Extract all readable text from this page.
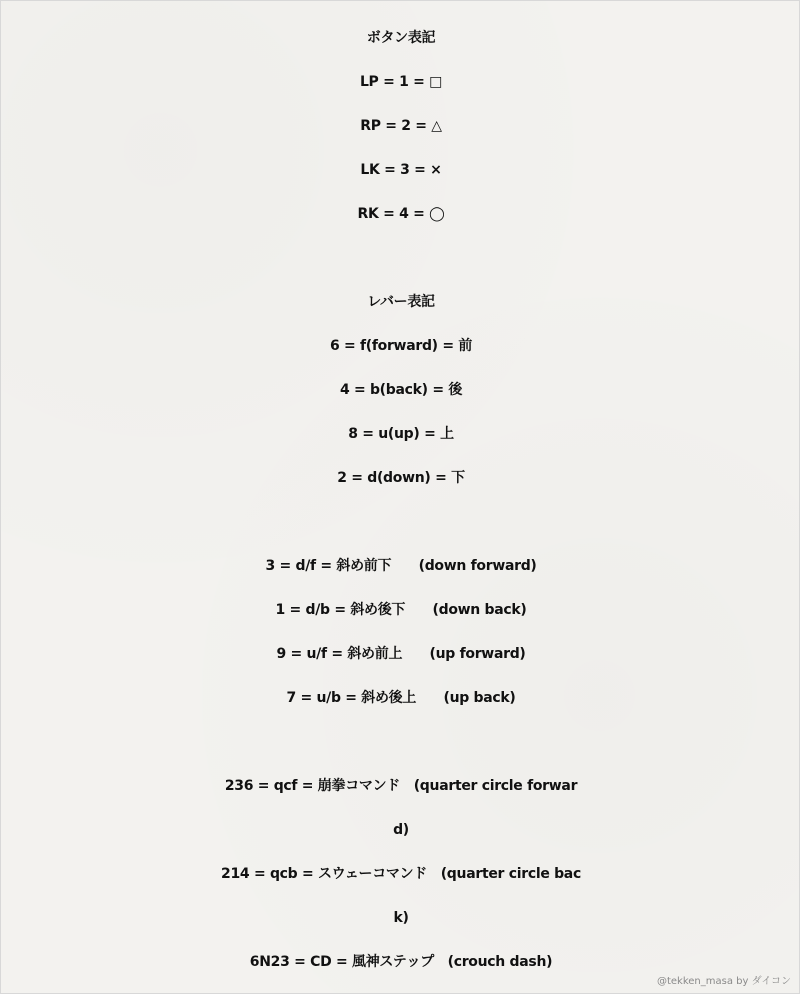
ボタン表記
LP = 1 = □
RP = 2 = △
LK = 3 = ×
RK = 4 = ◯
レバー表記
6 = f(forward) = 前
4 = b(back) = 後
8 = u(up) = 上
2 = d(down) = 下
3 = d/f = 斜め前下　　(down forward)
1 = d/b = 斜め後下　　(down back)
9 = u/f = 斜め前上　　(up forward)
7 = u/b = 斜め後上　　(up back)
236 = qcf = 崩拳コマンド　(quarter circle forwar
d)
214 = qcb = スウェーコマンド　(quarter circle bac
k)
6N23 = CD = 風神ステップ　(crouch dash)
@tekken_masa by ダイコン
